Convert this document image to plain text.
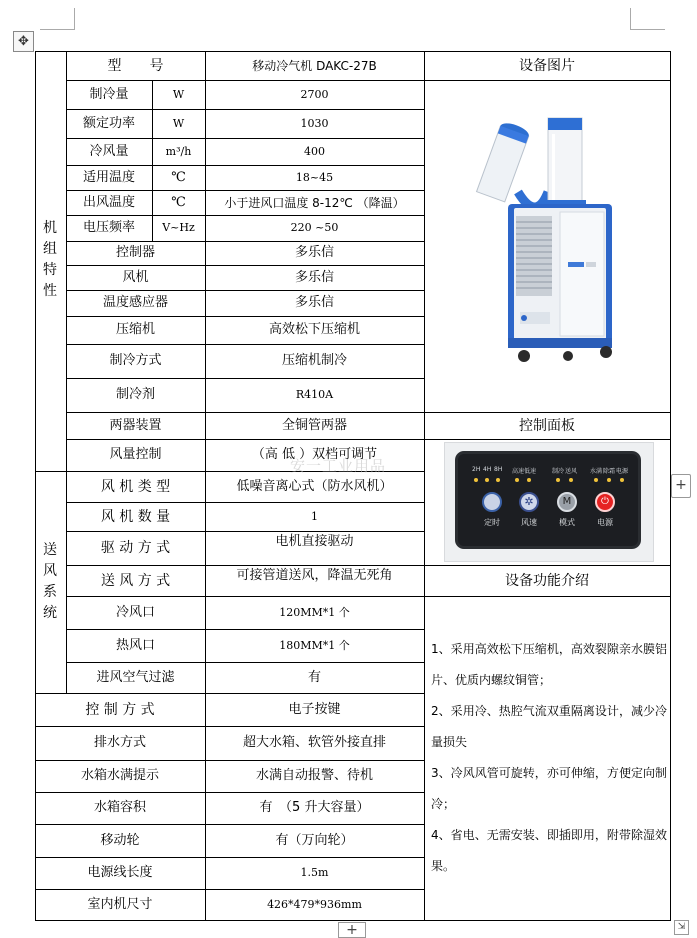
✥
+
+	⇲
机组特性
送风系统
型　　号	移动冷气机 DAKC-27B	设备图片
制冷量	W	2700
额定功率	W	1030
冷风量	m³/h	400
适用温度	℃	18~45
出风温度	℃	小于进风口温度 8-12℃ （降温）
电压频率	V~Hz	220 ~50
控制器	多乐信
风机	多乐信
温度感应器	多乐信
压缩机	高效松下压缩机
制冷方式	压缩机制冷
制冷剂	R410A
两器装置	全铜管两器
风量控制	（高 低 ）双档可调节
控制面板
2H 4H 8H 高速 低速	制冷 送风 水满 除霜 电源
✲	M	⏻
定时	风速	模式	电源
安一工业用品
风 机 类 型	低噪音离心式（防水风机）
风 机 数 量	1
驱 动 方 式	电机直接驱动
送 风 方 式	可接管道送风，降温无死角	设备功能介绍
冷风口	120MM*1 个
热风口	180MM*1 个
进风空气过滤	有
控 制 方 式	电子按键
排水方式	超大水箱、软管外接直排
水箱水满提示	水满自动报警、待机
水箱容积	有　（5 升大容量）
移动轮	有（万向轮）
电源线长度	1.5m
室内机尺寸	426*479*936mm
1、采用高效松下压缩机，高效裂隙亲水膜铝片、优质内螺纹铜管；
2、采用冷、热腔气流双重隔离设计，减少冷量损失
3、冷风风管可旋转，亦可伸缩，方便定向制冷；
4、省电、无需安装、即插即用，附带除湿效果。
